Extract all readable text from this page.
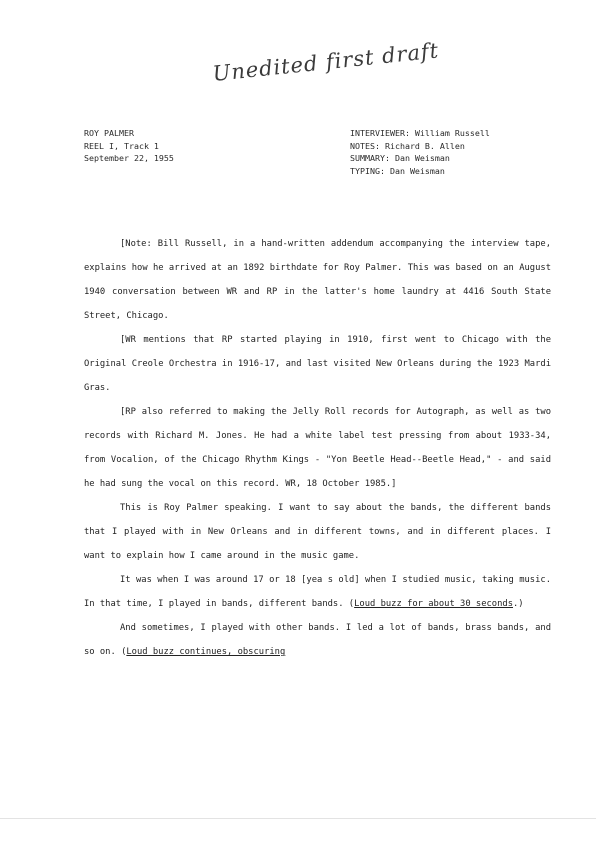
Unedited first draft
ROY PALMER
REEL I, Track 1
September 22, 1955
INTERVIEWER: William Russell
NOTES: Richard B. Allen
SUMMARY: Dan Weisman
TYPING: Dan Weisman

[Note: Bill Russell, in a hand-written addendum accompanying the interview tape, explains how he arrived at an 1892 birthdate for Roy Palmer. This was based on an August 1940 conversation between WR and RP in the latter's home laundry at 4416 South State Street, Chicago.

[WR mentions that RP started playing in 1910, first went to Chicago with the Original Creole Orchestra in 1916-17, and last visited New Orleans during the 1923 Mardi Gras.

[RP also referred to making the Jelly Roll records for Autograph, as well as two records with Richard M. Jones. He had a white label test pressing from about 1933-34, from Vocalion, of the Chicago Rhythm Kings - "Yon Beetle Head--Beetle Head," - and said he had sung the vocal on this record. WR, 18 October 1985.]

This is Roy Palmer speaking. I want to say about the bands, the different bands that I played with in New Orleans and in different towns, and in different places. I want to explain how I came around in the music game.

It was when I was around 17 or 18 [yea s old] when I studied music, taking music. In that time, I played in bands, different bands. (Loud buzz for about 30 seconds.)

And sometimes, I played with other bands. I led a lot of bands, brass bands, and so on. (Loud buzz continues, obscuring
